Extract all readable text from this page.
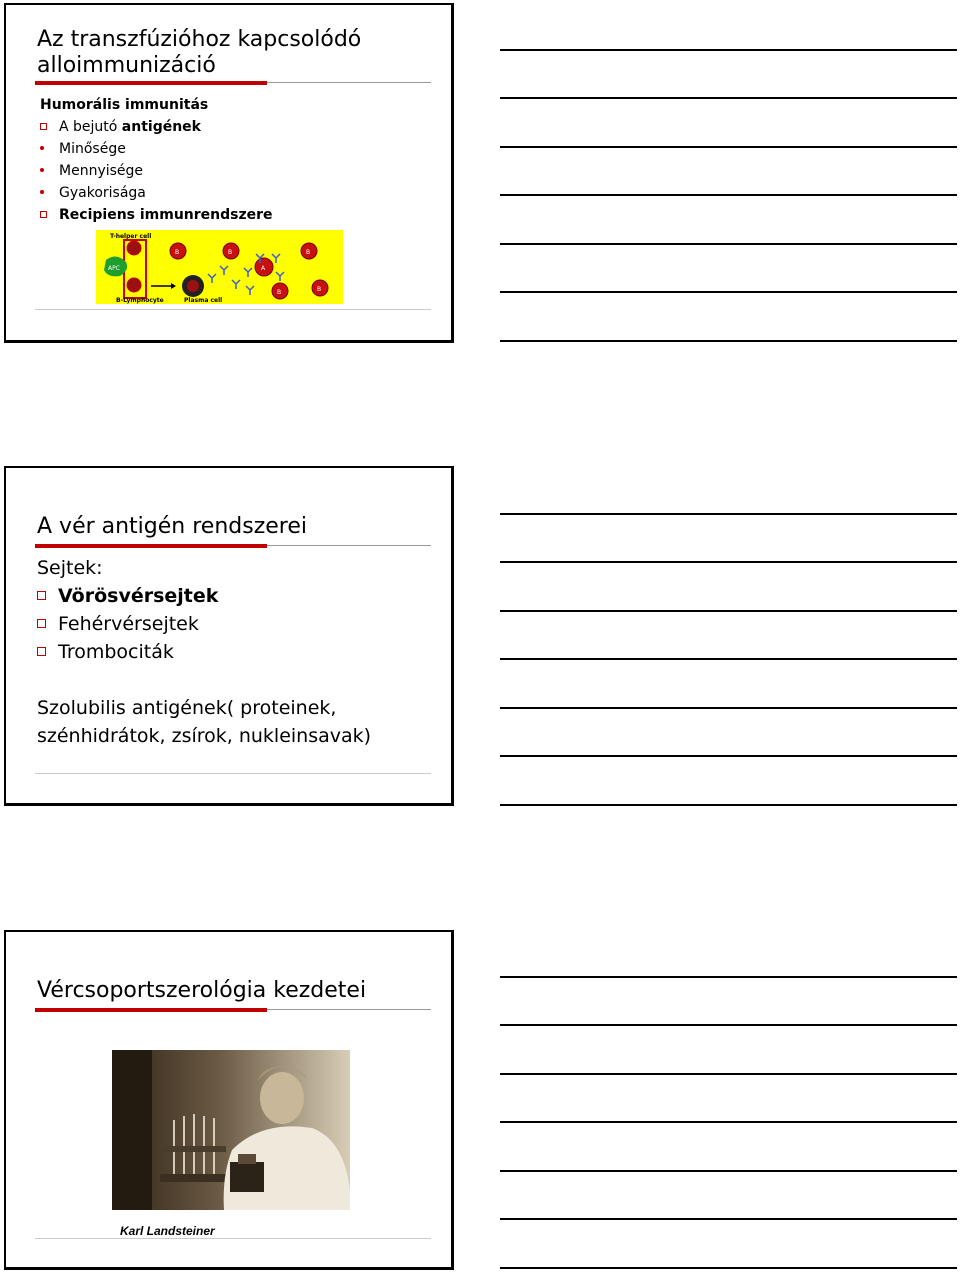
Az transzfúzióhoz kapcsolódó
alloimmunizáció
Humorális immunitás
A bejutó antigének
Minősége
Mennyisége
Gyakorisága
Recipiens immunrendszere
T-helper cell
APC
B-Lymphocyte	Plasma cell
B	B
A
B
B	B
A vér antigén rendszerei
Sejtek:
Vörösvérsejtek
Fehérvérsejtek
Trombociták
Szolubilis antigének( proteinek, szénhidrátok, zsírok, nukleinsavak)
Vércsoportszerológia kezdetei
Karl Landsteiner
